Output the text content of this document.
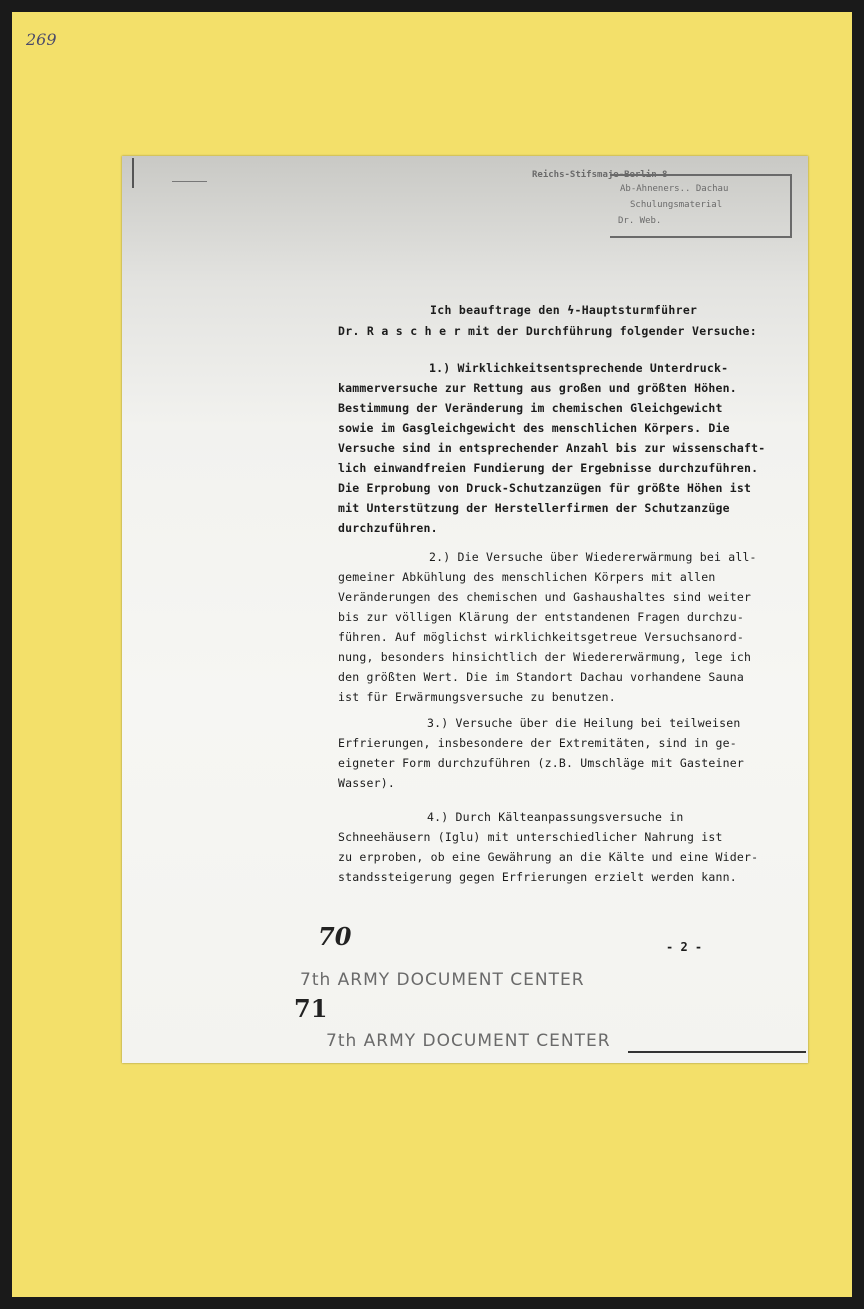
269
Reichs-Stifsmaje-Berlin 8
Ab-Ahneners.. Dachau
Schulungsmaterial
Dr. Web.
Ich beauftrage den ϟ-Hauptsturmführer
Dr. R a s c h e r mit der Durchführung folgender Versuche:
1.) Wirklichkeitsentsprechende Unterdruck-
kammerversuche zur Rettung aus großen und größten Höhen.
Bestimmung der Veränderung im chemischen Gleichgewicht
sowie im Gasgleichgewicht des menschlichen Körpers. Die
Versuche sind in entsprechender Anzahl bis zur wissenschaft-
lich einwandfreien Fundierung der Ergebnisse durchzuführen.
Die Erprobung von Druck-Schutzanzügen für größte Höhen ist
mit Unterstützung der Herstellerfirmen der Schutzanzüge
durchzuführen.
2.) Die Versuche über Wiedererwärmung bei all-
gemeiner Abkühlung des menschlichen Körpers mit allen
Veränderungen des chemischen und Gashaushaltes sind weiter
bis zur völligen Klärung der entstandenen Fragen durchzu-
führen. Auf möglichst wirklichkeitsgetreue Versuchsanord-
nung, besonders hinsichtlich der Wiedererwärmung, lege ich
den größten Wert. Die im Standort Dachau vorhandene Sauna
ist für Erwärmungsversuche zu benutzen.
3.) Versuche über die Heilung bei teilweisen
Erfrierungen, insbesondere der Extremitäten, sind in ge-
eigneter Form durchzuführen (z.B. Umschläge mit Gasteiner
Wasser).
4.) Durch Kälteanpassungsversuche in
Schneehäusern (Iglu) mit unterschiedlicher Nahrung ist
zu erproben, ob eine Gewährung an die Kälte und eine Wider-
standssteigerung gegen Erfrierungen erzielt werden kann.
70	- 2 -
7th ARMY DOCUMENT CENTER
71
7th ARMY DOCUMENT CENTER
